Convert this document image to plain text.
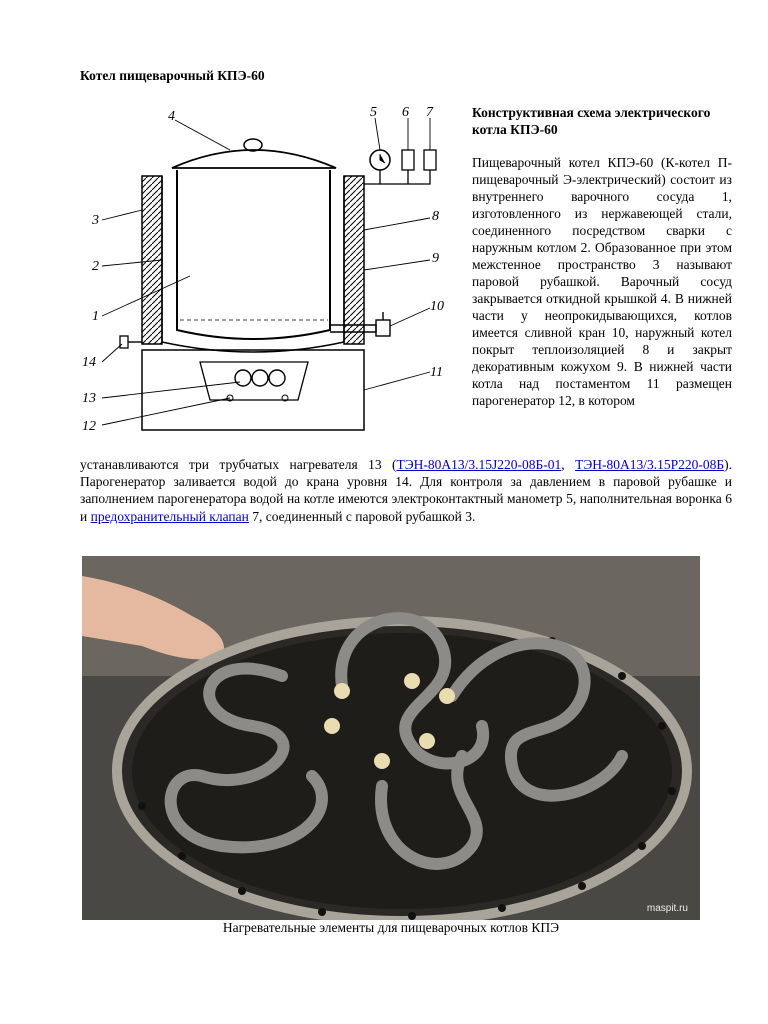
Котел пищеварочный КПЭ-60
1
2
3
4	5 6 7
8
9
10
11
12
13
14
Конструктивная схема электрического котла КПЭ-60
Пищеварочный котел КПЭ-60 (К-котел П-пищеварочный Э-электрический) состоит из внутреннего варочного сосуда 1, изготовленного из нержавеющей стали, соединенного посредством сварки с наружным котлом 2. Образованное при этом межстенное пространство 3 называют паровой рубашкой. Варочный сосуд закрывается откидной крышкой 4. В нижней части у неопрокидывающихся, котлов имеется сливной кран 10, наружный котел покрыт теплоизоляцией 8 и закрыт декоративным кожухом 9. В нижней части котла над постаментом 11 размещен парогенератор 12, в котором
устанавливаются три трубчатых нагревателя 13 (ТЭН-80А13/3.15J220-08Б-01, ТЭН-80А13/3.15Р220-08Б). Парогенератор заливается водой до крана уровня 14. Для контроля за давлением в паровой рубашке и заполнением парогенератора водой на котле имеются электроконтактный манометр 5, наполнительная воронка 6 и предохранительный клапан 7, соединенный с паровой рубашкой 3.
maspit.ru
Нагревательные элементы для пищеварочных котлов КПЭ
